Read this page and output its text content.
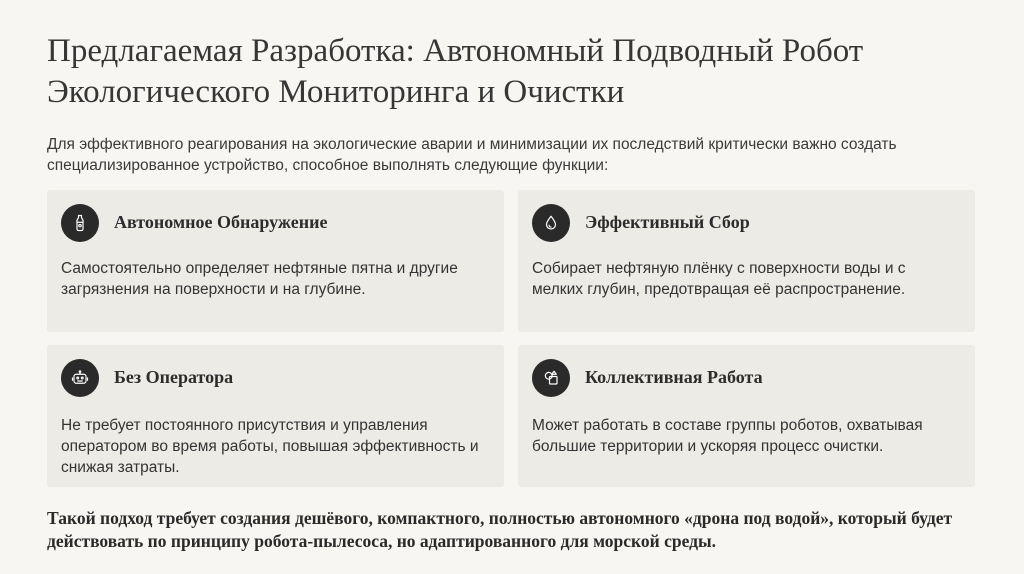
Предлагаемая Разработка: Автономный Подводный Робот Экологического Мониторинга и Очистки

Для эффективного реагирования на экологические аварии и минимизации их последствий критически важно создать специализированное устройство, способное выполнять следующие функции:

Автономное Обнаружение
Самостоятельно определяет нефтяные пятна и другие загрязнения на поверхности и на глубине.
Эффективный Сбор
Собирает нефтяную плёнку с поверхности воды и с мелких глубин, предотвращая её распространение.
Без Оператора
Не требует постоянного присутствия и управления оператором во время работы, повышая эффективность и снижая затраты.
Коллективная Работа
Может работать в составе группы роботов, охватывая большие территории и ускоряя процесс очистки.

Такой подход требует создания дешёвого, компактного, полностью автономного «дрона под водой», который будет действовать по принципу робота-пылесоса, но адаптированного для морской среды.
